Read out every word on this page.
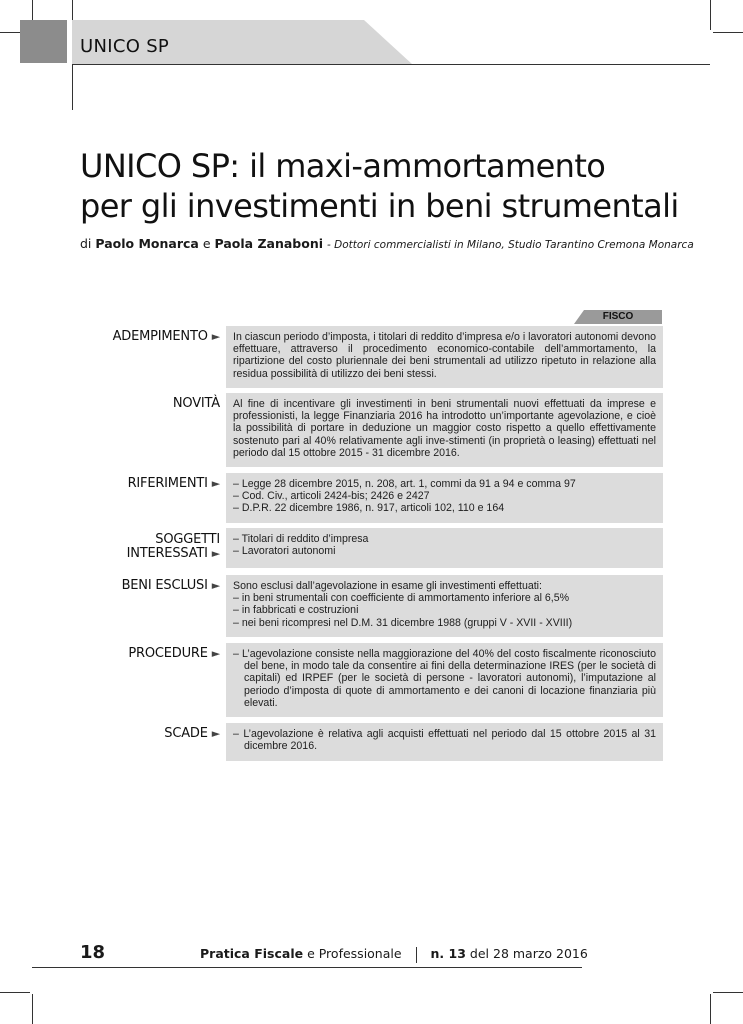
UNICO SP
UNICO SP: il maxi-ammortamento
per gli investimenti in beni strumentali
di Paolo Monarca e Paola Zanaboni - Dottori commercialisti in Milano, Studio Tarantino Cremona Monarca
FISCO
ADEMPIMENTO ► In ciascun periodo d’imposta, i titolari di reddito d’impresa e/o i lavoratori autonomi devono effettuare, attraverso il procedimento economico-contabile dell’ammortamento, la ripartizione del costo pluriennale dei beni strumentali ad utilizzo ripetuto in relazione alla residua possibilità di utilizzo dei beni stessi.
NOVITÀ Al fine di incentivare gli investimenti in beni strumentali nuovi effettuati da imprese e professionisti, la legge Finanziaria 2016 ha introdotto un’importante agevolazione, e cioè la possibilità di portare in deduzione un maggior costo rispetto a quello effettivamente sostenuto pari al 40% relativamente agli inve-stimenti (in proprietà o leasing) effettuati nel periodo dal 15 ottobre 2015 - 31 dicembre 2016.
RIFERIMENTI ►	– Legge 28 dicembre 2015, n. 208, art. 1, commi da 91 a 94 e comma 97
– Cod. Civ., articoli 2424-bis; 2426 e 2427
– D.P.R. 22 dicembre 1986, n. 917, articoli 102, 110 e 164
SOGGETTI
INTERESSATI ►
– Titolari di reddito d’impresa
– Lavoratori autonomi
BENI ESCLUSI ► Sono esclusi dall’agevolazione in esame gli investimenti effettuati:
– in beni strumentali con coefficiente di ammortamento inferiore al 6,5%
– in fabbricati e costruzioni
– nei beni ricompresi nel D.M. 31 dicembre 1988 (gruppi V - XVII - XVIII)
PROCEDURE ►	– L’agevolazione consiste nella maggiorazione del 40% del costo fiscalmente riconosciuto del bene, in modo tale da consentire ai fini della determinazione IRES (per le società di capitali) ed IRPEF (per le società di persone - lavoratori autonomi), l’imputazione al periodo d’imposta di quote di ammortamento e dei canoni di locazione finanziaria più elevati.
SCADE ►	– L’agevolazione è relativa agli acquisti effettuati nel periodo dal 15 ottobre 2015 al 31 dicembre 2016.
18	Pratica Fiscale e Professionale n. 13 del 28 marzo 2016
